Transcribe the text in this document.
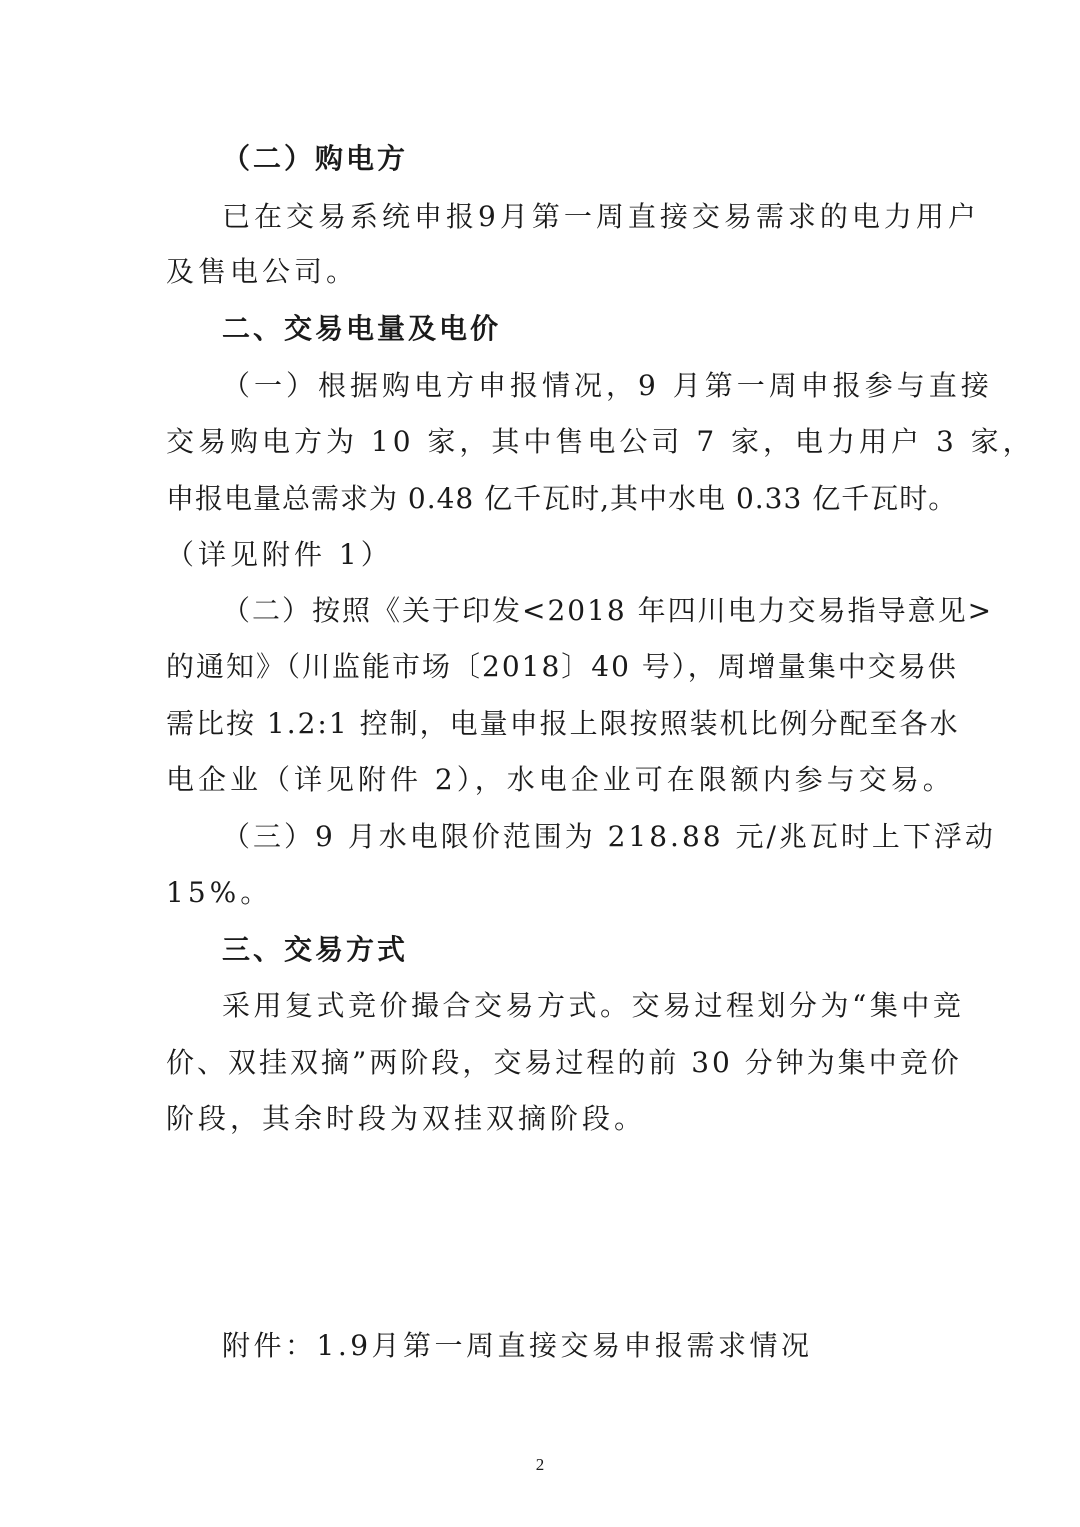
（二）购电方
已在交易系统申报9月第一周直接交易需求的电力用户
及售电公司。
二、交易电量及电价
（一）根据购电方申报情况，9 月第一周申报参与直接
交易购电方为 10 家，其中售电公司 7 家，电力用户 3 家，
申报电量总需求为 0.48 亿千瓦时,其中水电 0.33 亿千瓦时。
（详见附件 1）
（二）按照《关于印发<2018 年四川电力交易指导意见>
的通知》（川监能市场〔2018〕40 号），周增量集中交易供
需比按 1.2:1 控制，电量申报上限按照装机比例分配至各水
电企业（详见附件 2），水电企业可在限额内参与交易。
（三）9 月水电限价范围为 218.88 元/兆瓦时上下浮动
15%。
三、交易方式
采用复式竞价撮合交易方式。交易过程划分为“集中竞
价、双挂双摘”两阶段，交易过程的前 30 分钟为集中竞价
阶段，其余时段为双挂双摘阶段。
附件：1.9月第一周直接交易申报需求情况
2
